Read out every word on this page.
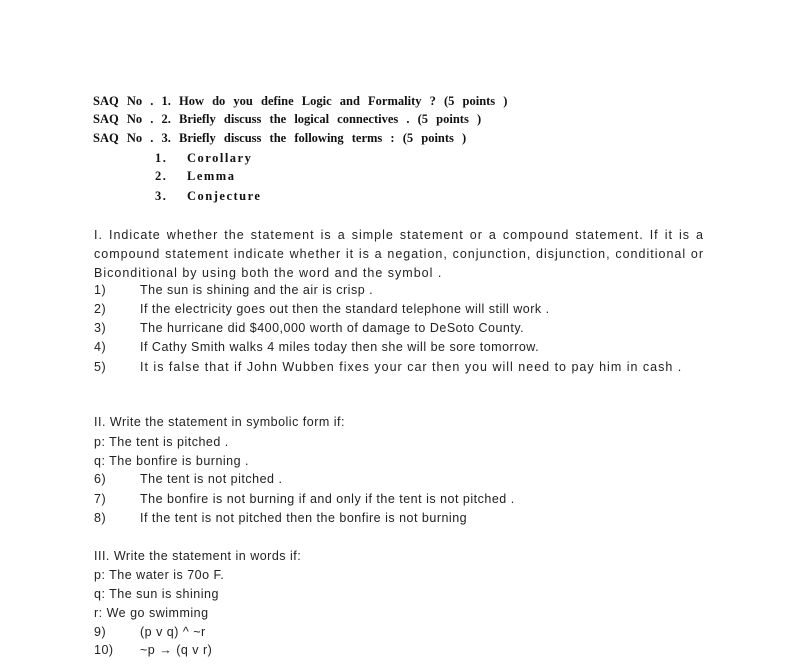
SAQ No . 1. How do you define Logic and Formality ? (5 points )
SAQ No . 2. Briefly discuss the logical connectives . (5 points )
SAQ No . 3. Briefly discuss the following terms : (5 points )
1. Corollary
2. Lemma
3. Conjecture
I. Indicate whether the statement is a simple statement or a compound statement. If it is a compound statement indicate whether it is a negation, conjunction, disjunction, conditional or Biconditional by using both the word and the symbol .
1)	The sun is shining and the air is crisp .
2)	If the electricity goes out then the standard telephone will still work .
3)	The hurricane did $400,000 worth of damage to DeSoto County.
4)	If Cathy Smith walks 4 miles today then she will be sore tomorrow.
5)	It is false that if John Wubben fixes your car then you will need to pay him in cash .
II. Write the statement in symbolic form if:
p: The tent is pitched .
q: The bonfire is burning .
6)	The tent is not pitched .
7)	The bonfire is not burning if and only if the tent is not pitched .
8)	If the tent is not pitched then the bonfire is not burning
III. Write the statement in words if:
p: The water is 70o F.
q: The sun is shining
r: We go swimming
9)	(p v q) ^ ~r
10) ~p → (q v r)
